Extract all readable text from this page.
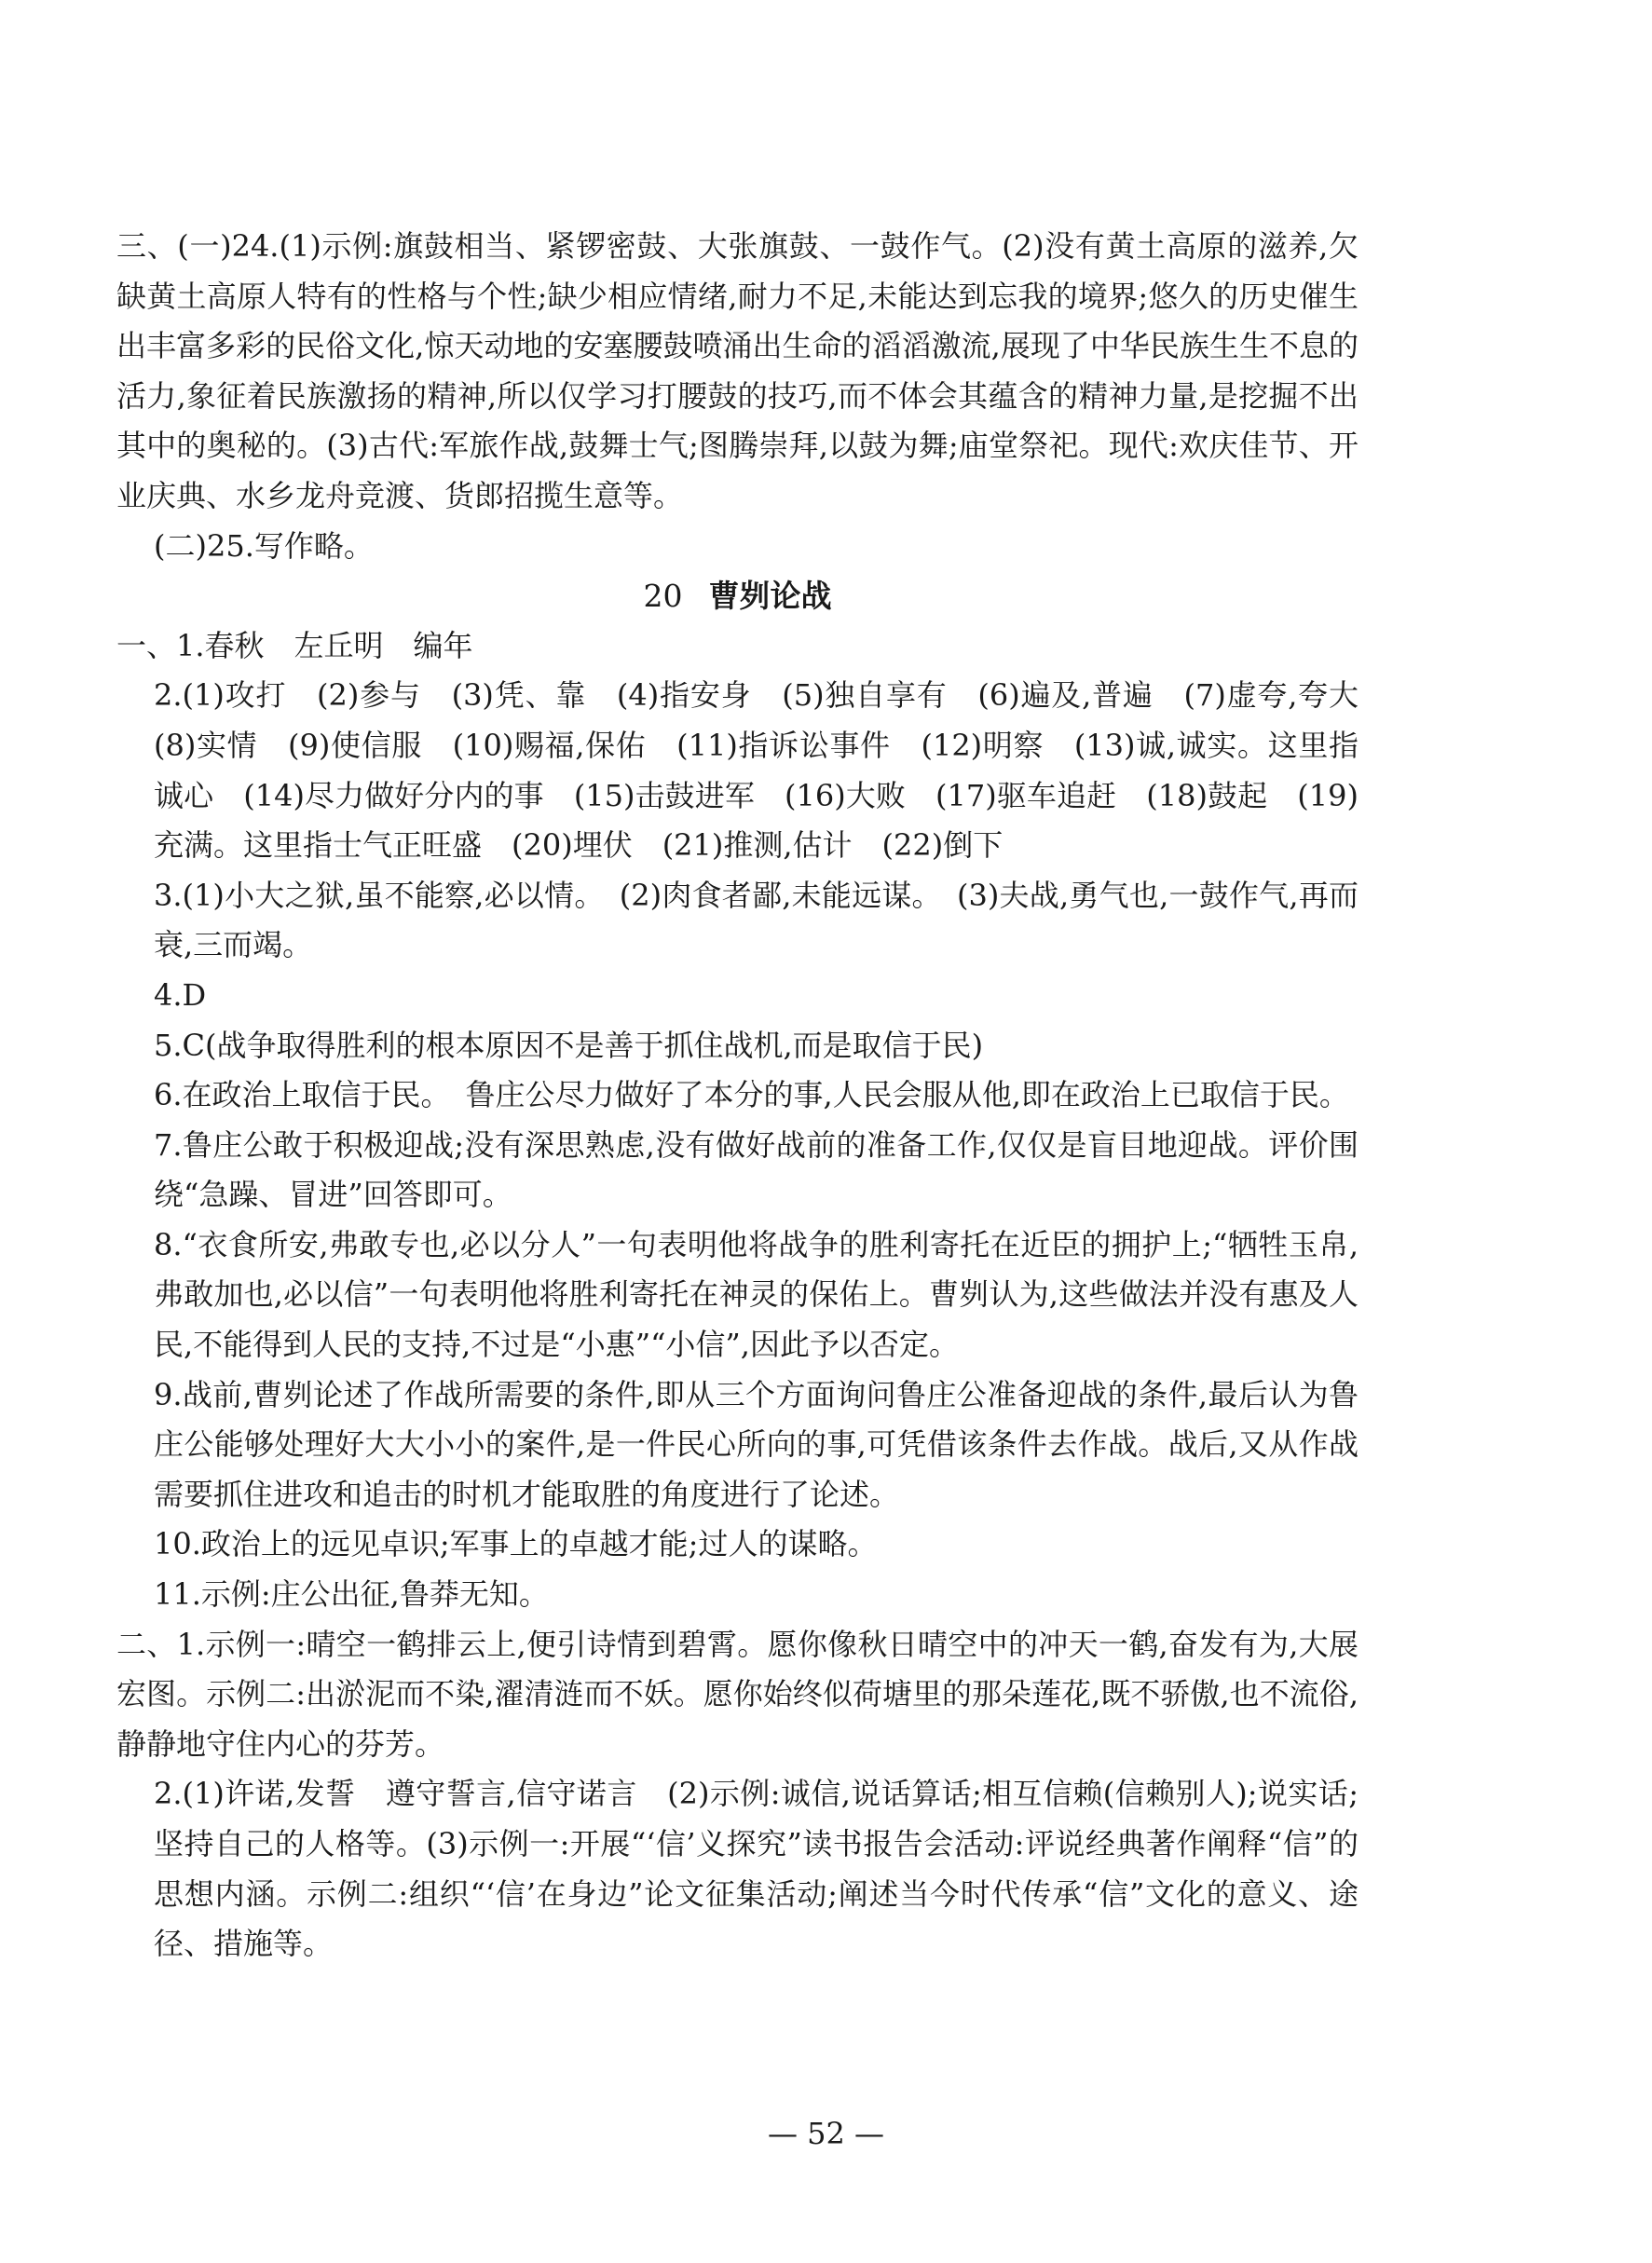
三、(一)24.(1)示例:旗鼓相当、紧锣密鼓、大张旗鼓、一鼓作气。(2)没有黄土高原的滋养,欠缺黄土高原人特有的性格与个性;缺少相应情绪,耐力不足,未能达到忘我的境界;悠久的历史催生出丰富多彩的民俗文化,惊天动地的安塞腰鼓喷涌出生命的滔滔激流,展现了中华民族生生不息的活力,象征着民族激扬的精神,所以仅学习打腰鼓的技巧,而不体会其蕴含的精神力量,是挖掘不出其中的奥秘的。(3)古代:军旅作战,鼓舞士气;图腾崇拜,以鼓为舞;庙堂祭祀。现代:欢庆佳节、开业庆典、水乡龙舟竞渡、货郎招揽生意等。

(二)25.写作略。

20 曹刿论战

一、1.春秋　左丘明　编年

2.(1)攻打　(2)参与　(3)凭、靠　(4)指安身　(5)独自享有　(6)遍及,普遍　(7)虚夸,夸大　(8)实情　(9)使信服　(10)赐福,保佑　(11)指诉讼事件　(12)明察　(13)诚,诚实。这里指诚心　(14)尽力做好分内的事　(15)击鼓进军　(16)大败　(17)驱车追赶　(18)鼓起　(19)充满。这里指士气正旺盛　(20)埋伏　(21)推测,估计　(22)倒下

3.(1)小大之狱,虽不能察,必以情。　(2)肉食者鄙,未能远谋。　(3)夫战,勇气也,一鼓作气,再而衰,三而竭。

4.D

5.C(战争取得胜利的根本原因不是善于抓住战机,而是取信于民)

6.在政治上取信于民。　鲁庄公尽力做好了本分的事,人民会服从他,即在政治上已取信于民。

7.鲁庄公敢于积极迎战;没有深思熟虑,没有做好战前的准备工作,仅仅是盲目地迎战。评价围绕“急躁、冒进”回答即可。

8.“衣食所安,弗敢专也,必以分人”一句表明他将战争的胜利寄托在近臣的拥护上;“牺牲玉帛,弗敢加也,必以信”一句表明他将胜利寄托在神灵的保佑上。曹刿认为,这些做法并没有惠及人民,不能得到人民的支持,不过是“小惠”“小信”,因此予以否定。

9.战前,曹刿论述了作战所需要的条件,即从三个方面询问鲁庄公准备迎战的条件,最后认为鲁庄公能够处理好大大小小的案件,是一件民心所向的事,可凭借该条件去作战。战后,又从作战需要抓住进攻和追击的时机才能取胜的角度进行了论述。

10.政治上的远见卓识;军事上的卓越才能;过人的谋略。

11.示例:庄公出征,鲁莽无知。

二、1.示例一:晴空一鹤排云上,便引诗情到碧霄。愿你像秋日晴空中的冲天一鹤,奋发有为,大展宏图。示例二:出淤泥而不染,濯清涟而不妖。愿你始终似荷塘里的那朵莲花,既不骄傲,也不流俗,静静地守住内心的芬芳。

2.(1)许诺,发誓　遵守誓言,信守诺言　(2)示例:诚信,说话算话;相互信赖(信赖别人);说实话;坚持自己的人格等。(3)示例一:开展“‘信’义探究”读书报告会活动:评说经典著作阐释“信”的思想内涵。示例二:组织“‘信’在身边”论文征集活动;阐述当今时代传承“信”文化的意义、途径、措施等。

— 52 —
